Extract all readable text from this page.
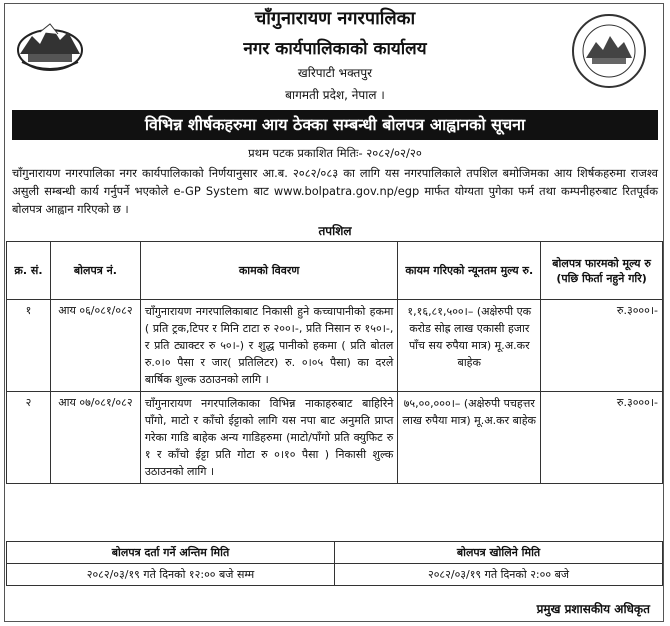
चाँगुनारायण नगरपालिका
नगर कार्यपालिकाको कार्यालय
खरिपाटी भक्तपुर
बागमती प्रदेश, नेपाल ।
विभिन्न शीर्षकहरुमा आय ठेक्का सम्बन्धी बोलपत्र आह्वानको सूचना
प्रथम पटक प्रकाशित मितिः- २०८२/०२/२०
चाँगुनारायण नगरपालिका नगर कार्यपालिकाको निर्णयानुसार आ.ब. २०८२/०८३ का लागि यस नगरपालिकाले तपशिल बमोजिमका आय शिर्षकहरुमा राजश्व असुली सम्बन्धी कार्य गर्नुपर्ने भएकोले e-GP System बाट www.bolpatra.gov.np/egp मार्फत योग्यता पुगेका फर्म तथा कम्पनीहरुबाट रितपूर्वक बोलपत्र आह्वान गरिएको छ ।
तपशिल
क्र. सं.	बोलपत्र नं.	कामको विवरण	कायम गरिएको न्यूनतम मुल्य रु.	बोलपत्र फारमको मूल्य रु (पछि फिर्ता नहुने गरि)
१	आय ०६/०८१/०८२	चाँगुनारायण नगरपालिकाबाट निकासी हुने कच्चापानीको हकमा ( प्रति ट्रक,टिपर र मिनि टाटा रु २००।-, प्रति निसान रु १५०।-, र प्रति ट्याक्टर रु ५०।-) र शुद्ध पानीको हकमा ( प्रति बोतल रु.०।० पैसा र जार( प्रतिलिटर) रु. ०।०५ पैसा) का दरले बार्षिक शुल्क उठाउनको लागि ।	१,१६,८१,५००।– (अक्षेरुपी एक करोड सोह्र लाख एकासी हजार पाँच सय रुपैया मात्र) मू.अ.कर बाहेक	रु.३०००।-
२	आय ०७/०८१/०८२	चाँगुनारायण नगरपालिकाका विभिन्न नाकाहरुबाट बाहिरिने पाँगो, माटो र काँचो ईट्टाको लागि यस नपा बाट अनुमति प्राप्त गरेका गाडि बाहेक अन्य गाडिहरुमा (माटो/पाँगो प्रति क्युफिट रु १ र काँचो ईट्टा प्रति गोटा रु ०।१० पैसा ) निकासी शुल्क उठाउनको लागि ।	७५,००,०००।– (अक्षेरुपी पचहत्तर लाख रुपैया मात्र) मू.अ.कर बाहेक	रु.३०००।-
बोलपत्र दर्ता गर्ने अन्तिम मिति	बोलपत्र खोलिने मिति
२०८२/०३/१९ गते दिनको १२:०० बजे सम्म	२०८२/०३/१९ गते दिनको २:०० बजे
प्रमुख प्रशासकीय अधिकृत
